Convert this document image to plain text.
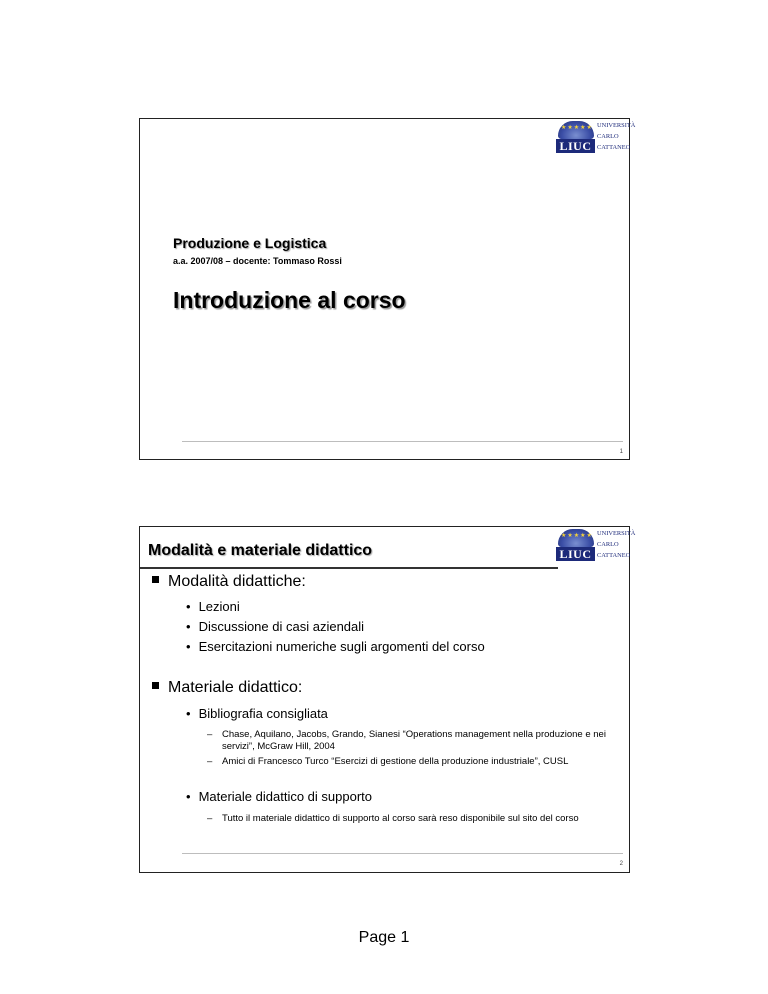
★★★★★
LIUC
UNIVERSITÀ
CARLO
CATTANEO
Produzione e Logistica
a.a. 2007/08 – docente: Tommaso Rossi
Introduzione al corso
1
★★★★★
LIUC
UNIVERSITÀ
CARLO
CATTANEO
Modalità e materiale didattico
Modalità didattiche:
• Lezioni
• Discussione di casi aziendali
• Esercitazioni numeriche sugli argomenti del corso
Materiale didattico:
• Bibliografia consigliata
– Chase, Aquilano, Jacobs, Grando, Sianesi “Operations management nella produzione e nei servizi”, McGraw Hill, 2004
– Amici di Francesco Turco “Esercizi di gestione della produzione industriale”, CUSL
• Materiale didattico di supporto
– Tutto il materiale didattico di supporto al corso sarà reso disponibile sul sito del corso
2
Page 1
